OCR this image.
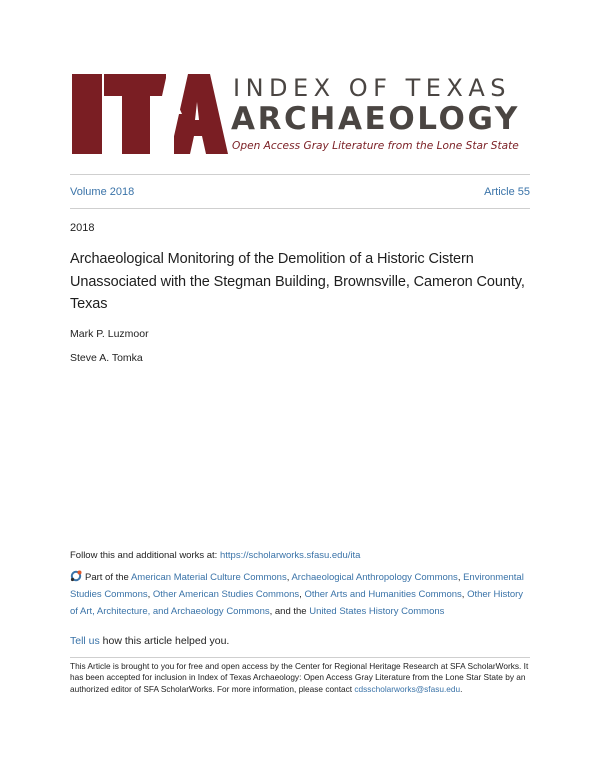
INDEX OF TEXAS
ARCHAEOLOGY
Open Access Gray Literature from the Lone Star State
Volume 2018	Article 55
2018
Archaeological Monitoring of the Demolition of a Historic Cistern Unassociated with the Stegman Building, Brownsville, Cameron County, Texas
Mark P. Luzmoor
Steve A. Tomka
Follow this and additional works at: https://scholarworks.sfasu.edu/ita
Part of the American Material Culture Commons, Archaeological Anthropology Commons, Environmental Studies Commons, Other American Studies Commons, Other Arts and Humanities Commons, Other History of Art, Architecture, and Archaeology Commons, and the United States History Commons
Tell us how this article helped you.
This Article is brought to you for free and open access by the Center for Regional Heritage Research at SFA ScholarWorks. It has been accepted for inclusion in Index of Texas Archaeology: Open Access Gray Literature from the Lone Star State by an authorized editor of SFA ScholarWorks. For more information, please contact cdsscholarworks@sfasu.edu.
